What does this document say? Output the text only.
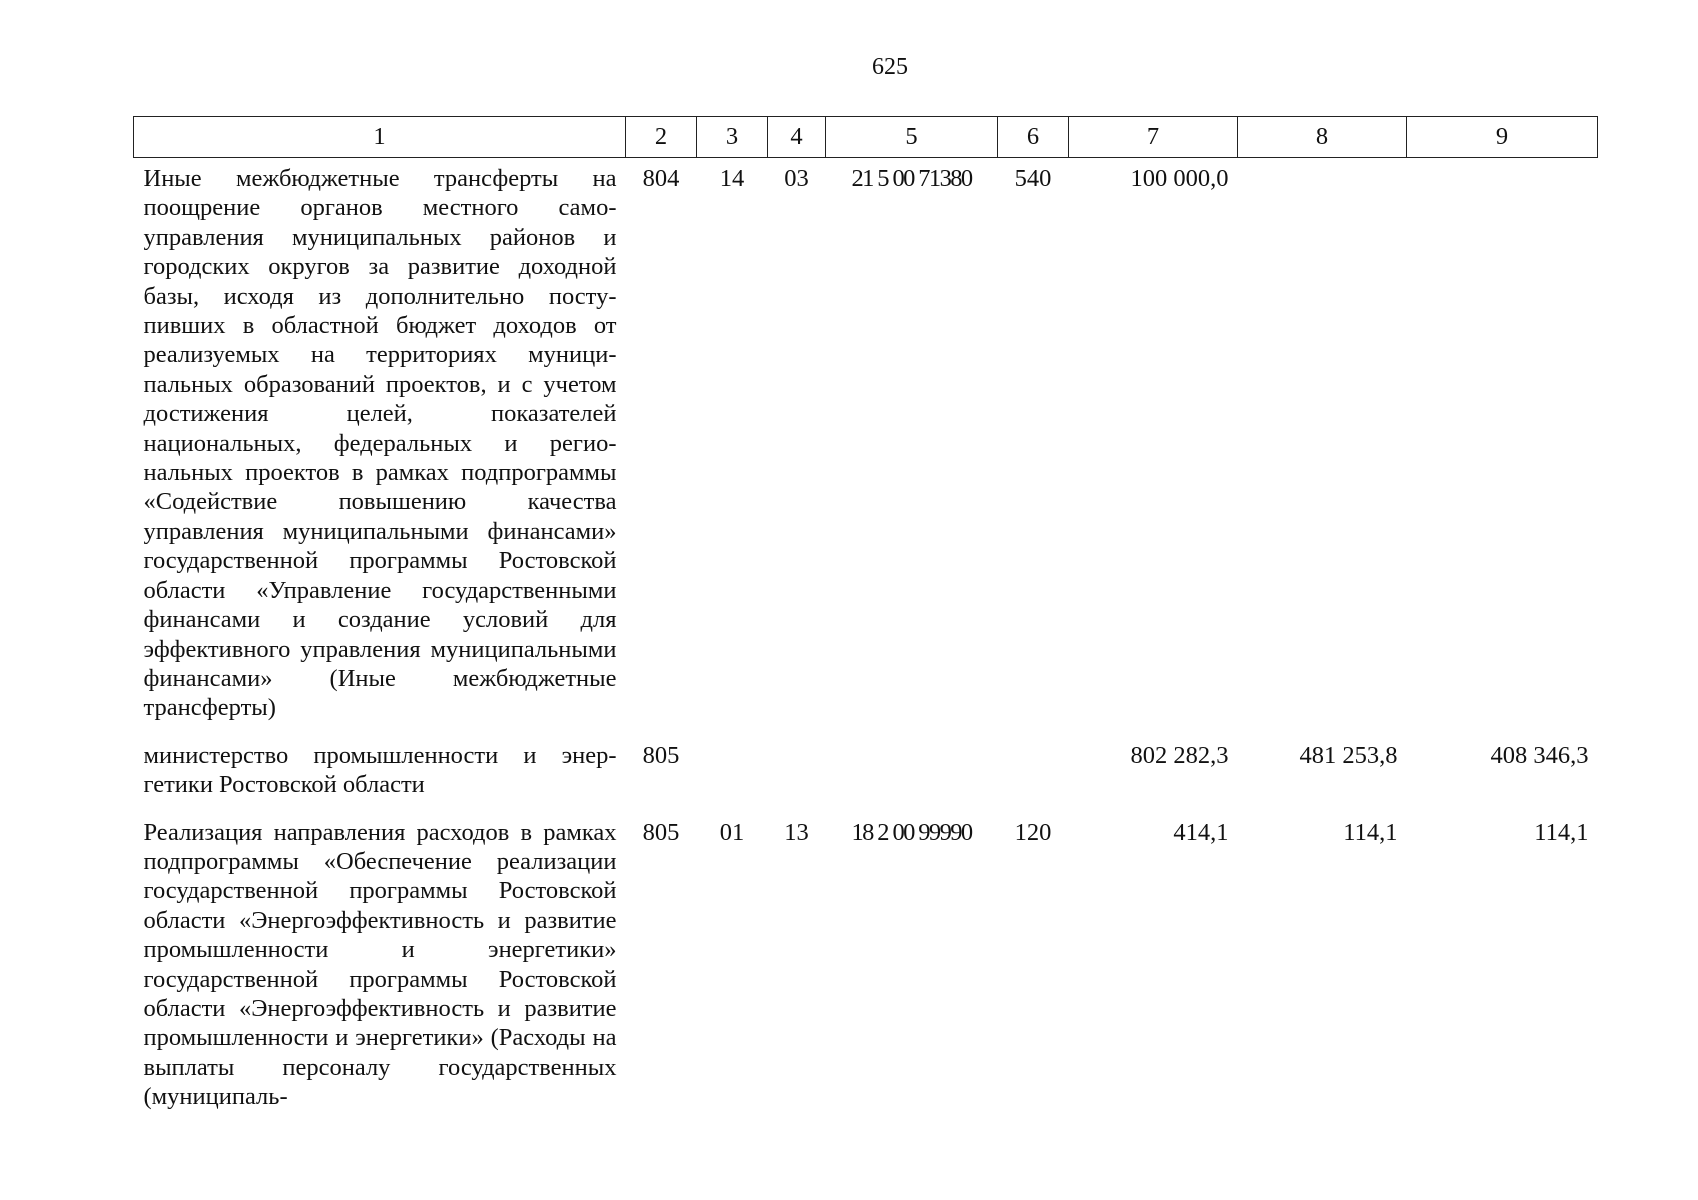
625
1	2	3	4	5	6	7	8	9
Иные межбюджетные трансферты на поощрение органов местного самоуправления муниципальных районов и городских округов за развитие доходной базы, исходя из дополнительно поступивших в областной бюджет доходов от реализуемых на территориях муниципальных образований проектов, и с учетом достижения целей, показателей национальных, федеральных и региональных проектов в рамках подпрограммы «Содействие повышению качества управления муниципальными финансами» государственной программы Ростовской области «Управление государственными финансами и создание условий для эффективного управления муниципальными финансами» (Иные межбюджетные трансферты)	804	14	03	21 5 00 71380	540	100 000,0		
министерство промышленности и энергетики Ростовской области	805					802 282,3	481 253,8	408 346,3
Реализация направления расходов в рамках подпрограммы «Обеспечение реализации государственной программы Ростовской области «Энергоэффективность и развитие промышленности и энергетики» государственной программы Ростовской области «Энергоэффективность и развитие промышленности и энергетики» (Расходы на выплаты персоналу государственных (муниципаль-	805	01	13	18 2 00 99990	120	414,1	114,1	114,1
